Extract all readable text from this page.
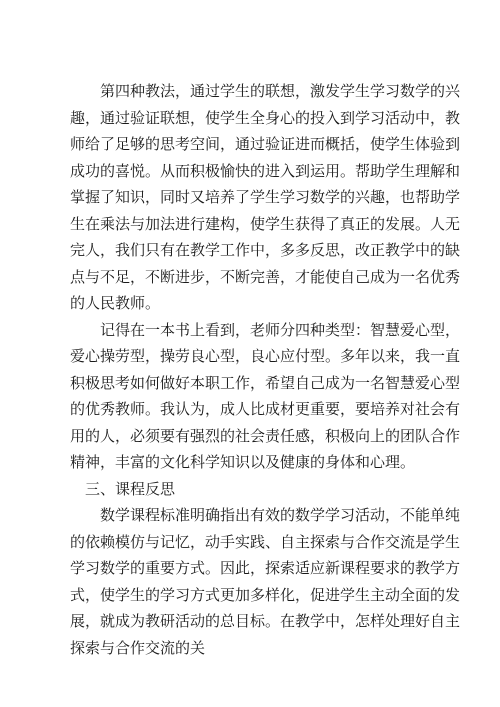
第四种教法，通过学生的联想，激发学生学习数学的兴趣，通过验证联想，使学生全身心的投入到学习活动中，教师给了足够的思考空间，通过验证进而概括，使学生体验到成功的喜悦。从而积极愉快的进入到运用。帮助学生理解和掌握了知识，同时又培养了学生学习数学的兴趣，也帮助学生在乘法与加法进行建构，使学生获得了真正的发展。人无完人，我们只有在教学工作中，多多反思，改正教学中的缺点与不足，不断进步，不断完善，才能使自己成为一名优秀的人民教师。

记得在一本书上看到，老师分四种类型：智慧爱心型，爱心操劳型，操劳良心型，良心应付型。多年以来，我一直积极思考如何做好本职工作，希望自己成为一名智慧爱心型的优秀教师。我认为，成人比成材更重要，要培养对社会有用的人，必须要有强烈的社会责任感，积极向上的团队合作精神，丰富的文化科学知识以及健康的身体和心理。

三、课程反思

数学课程标准明确指出有效的数学学习活动，不能单纯的依赖模仿与记忆，动手实践、自主探索与合作交流是学生学习数学的重要方式。因此，探索适应新课程要求的教学方式，使学生的学习方式更加多样化，促进学生主动全面的发展，就成为教研活动的总目标。在教学中，怎样处理好自主探索与合作交流的关
